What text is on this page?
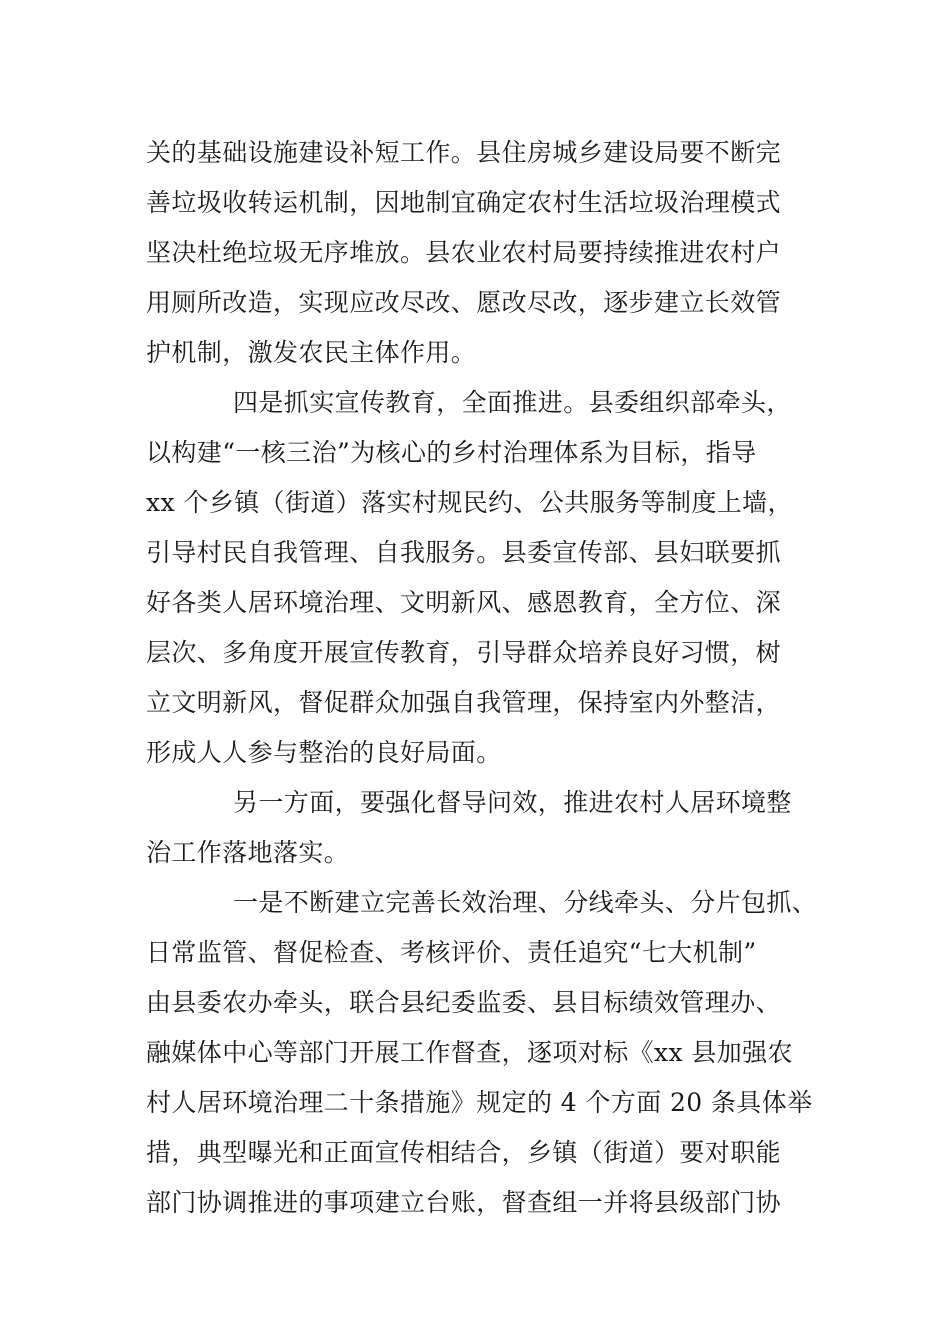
关的基础设施建设补短工作。县住房城乡建设局要不断完
善垃圾收转运机制，因地制宜确定农村生活垃圾治理模式
坚决杜绝垃圾无序堆放。县农业农村局要持续推进农村户
用厕所改造，实现应改尽改、愿改尽改，逐步建立长效管
护机制，激发农民主体作用。
四是抓实宣传教育，全面推进。县委组织部牵头，
以构建“一核三治”为核心的乡村治理体系为目标，指导
xx 个乡镇（街道）落实村规民约、公共服务等制度上墙，
引导村民自我管理、自我服务。县委宣传部、县妇联要抓
好各类人居环境治理、文明新风、感恩教育，全方位、深
层次、多角度开展宣传教育，引导群众培养良好习惯，树
立文明新风，督促群众加强自我管理，保持室内外整洁，
形成人人参与整治的良好局面。
另一方面，要强化督导问效，推进农村人居环境整
治工作落地落实。
一是不断建立完善长效治理、分线牵头、分片包抓、
日常监管、督促检查、考核评价、责任追究“七大机制”
由县委农办牵头，联合县纪委监委、县目标绩效管理办、
融媒体中心等部门开展工作督查，逐项对标《xx 县加强农
村人居环境治理二十条措施》规定的 4 个方面 20 条具体举
措，典型曝光和正面宣传相结合，乡镇（街道）要对职能
部门协调推进的事项建立台账，督查组一并将县级部门协
